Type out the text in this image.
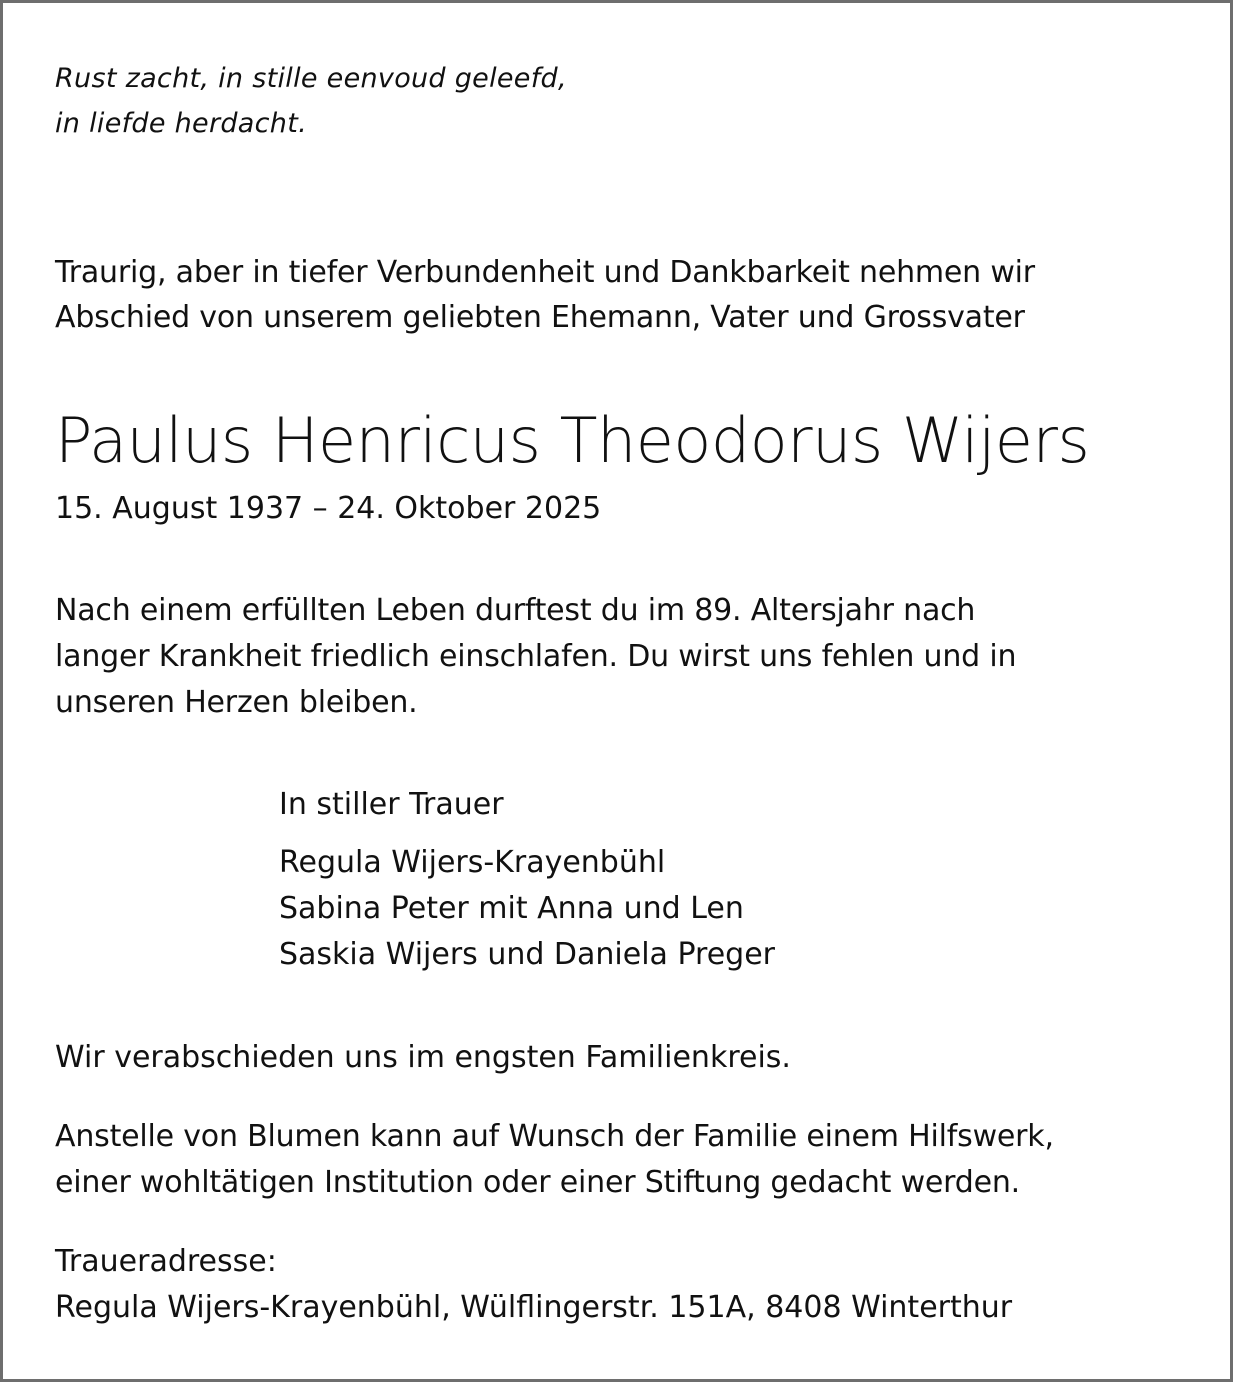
Rust zacht, in stille eenvoud geleefd,
in liefde herdacht.

Traurig, aber in tiefer Verbundenheit und Dankbarkeit nehmen wir
Abschied von unserem geliebten Ehemann, Vater und Grossvater

Paulus Henricus Theodorus Wijers

15. August 1937 – 24. Oktober 2025

Nach einem erfüllten Leben durftest du im 89. Altersjahr nach
langer Krankheit friedlich einschlafen. Du wirst uns fehlen und in
unseren Herzen bleiben.

In stiller Trauer

Regula Wijers-Krayenbühl

Sabina Peter mit Anna und Len

Saskia Wijers und Daniela Preger

Wir verabschieden uns im engsten Familienkreis.

Anstelle von Blumen kann auf Wunsch der Familie einem Hilfswerk,
einer wohltätigen Institution oder einer Stiftung gedacht werden.

Traueradresse:
Regula Wijers-Krayenbühl, Wülflingerstr. 151A, 8408 Winterthur
